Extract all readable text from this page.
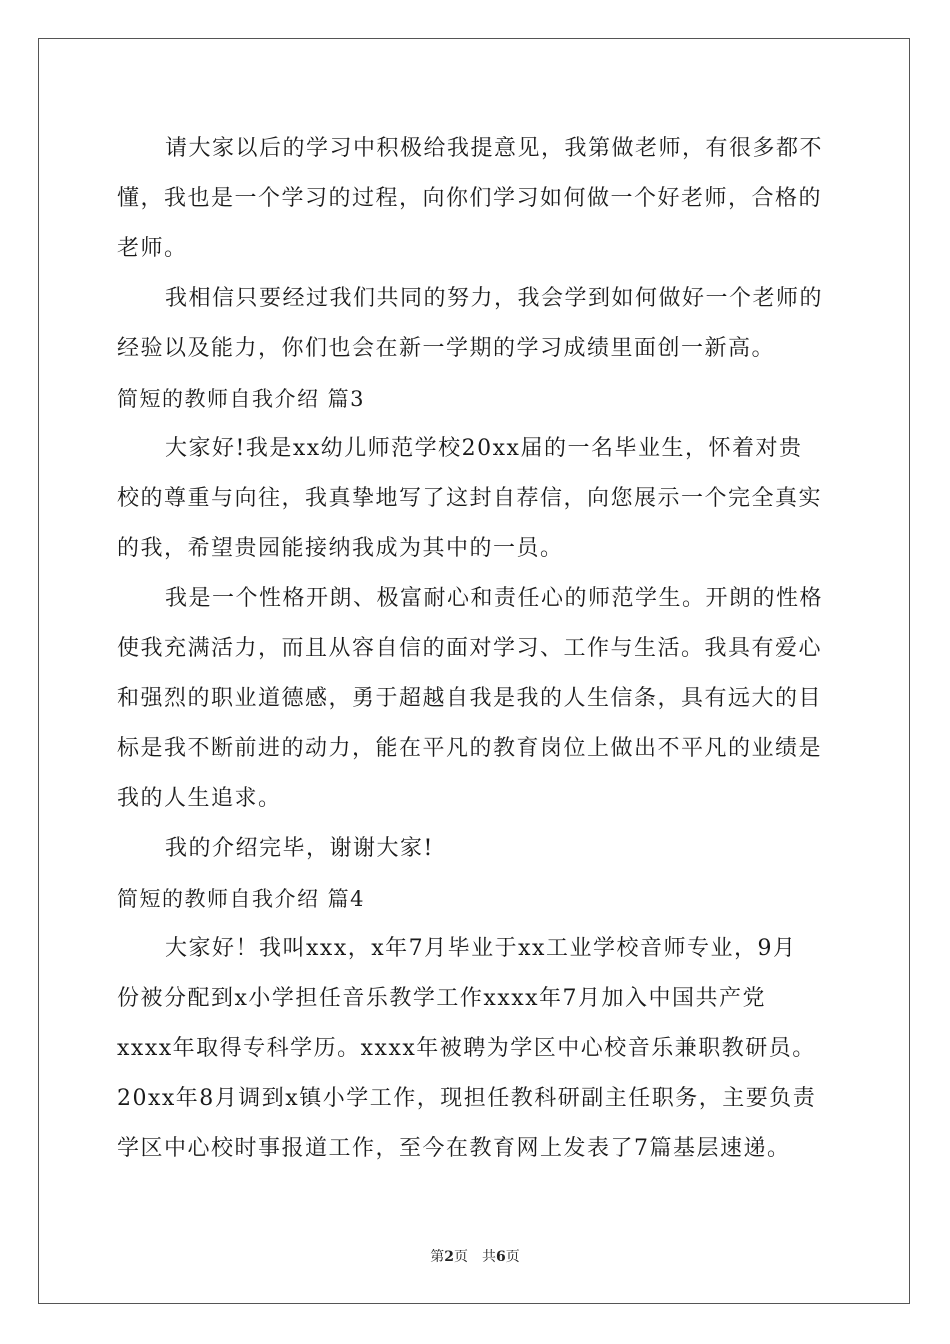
请大家以后的学习中积极给我提意见，我第做老师，有很多都不
懂，我也是一个学习的过程，向你们学习如何做一个好老师，合格的
老师。

我相信只要经过我们共同的努力，我会学到如何做好一个老师的
经验以及能力，你们也会在新一学期的学习成绩里面创一新高。

简短的教师自我介绍 篇3

大家好!我是xx幼儿师范学校20xx届的一名毕业生，怀着对贵
校的尊重与向往，我真挚地写了这封自荐信，向您展示一个完全真实
的我，希望贵园能接纳我成为其中的一员。

我是一个性格开朗、极富耐心和责任心的师范学生。开朗的性格
使我充满活力，而且从容自信的面对学习、工作与生活。我具有爱心
和强烈的职业道德感，勇于超越自我是我的人生信条，具有远大的目
标是我不断前进的动力，能在平凡的教育岗位上做出不平凡的业绩是
我的人生追求。

我的介绍完毕，谢谢大家!

简短的教师自我介绍 篇4

大家好！我叫xxx，x年7月毕业于xx工业学校音师专业，9月
份被分配到x小学担任音乐教学工作xxxx年7月加入中国共产党
xxxx年取得专科学历。xxxx年被聘为学区中心校音乐兼职教研员。
20xx年8月调到x镇小学工作，现担任教科研副主任职务，主要负责
学区中心校时事报道工作，至今在教育网上发表了7篇基层速递。

第2页 共6页
